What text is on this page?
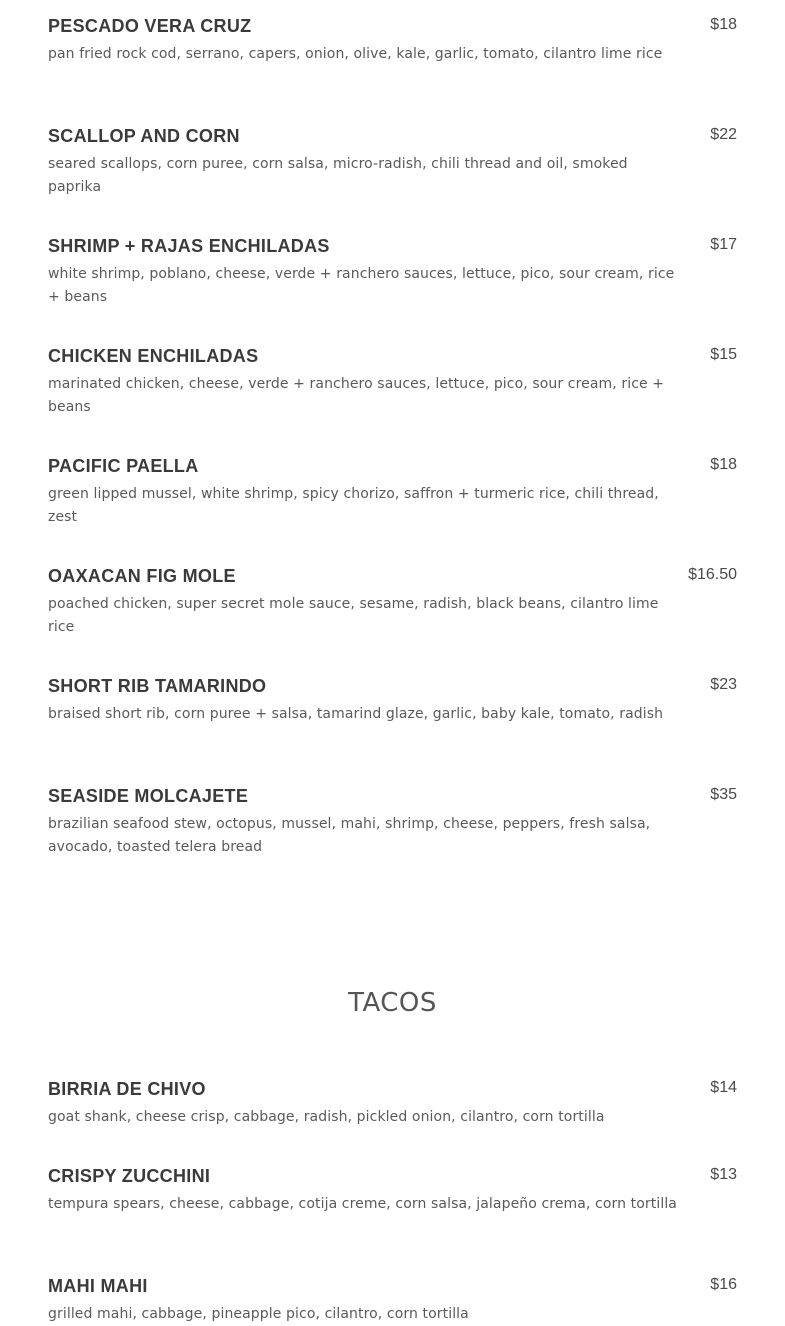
PESCADO VERA CRUZ	$18
pan fried rock cod, serrano, capers, onion, olive, kale, garlic, tomato, cilantro lime rice
SCALLOP AND CORN	$22
seared scallops, corn puree, corn salsa, micro-radish, chili thread and oil, smoked paprika
SHRIMP + RAJAS ENCHILADAS	$17
white shrimp, poblano, cheese, verde + ranchero sauces, lettuce, pico, sour cream, rice + beans
CHICKEN ENCHILADAS	$15
marinated chicken, cheese, verde + ranchero sauces, lettuce, pico, sour cream, rice + beans
PACIFIC PAELLA	$18
green lipped mussel, white shrimp, spicy chorizo, saffron + turmeric rice, chili thread, zest
OAXACAN FIG MOLE	$16.50
poached chicken, super secret mole sauce, sesame, radish, black beans, cilantro lime rice
SHORT RIB TAMARINDO	$23
braised short rib, corn puree + salsa, tamarind glaze, garlic, baby kale, tomato, radish
SEASIDE MOLCAJETE	$35
brazilian seafood stew, octopus, mussel, mahi, shrimp, cheese, peppers, fresh salsa, avocado, toasted telera bread
BIRRIA DE CHIVO	$14
goat shank, cheese crisp, cabbage, radish, pickled onion, cilantro, corn tortilla
CRISPY ZUCCHINI	$13
tempura spears, cheese, cabbage, cotija creme, corn salsa, jalapeño crema, corn tortilla
MAHI MAHI	$16
grilled mahi, cabbage, pineapple pico, cilantro, corn tortilla
TACOS
